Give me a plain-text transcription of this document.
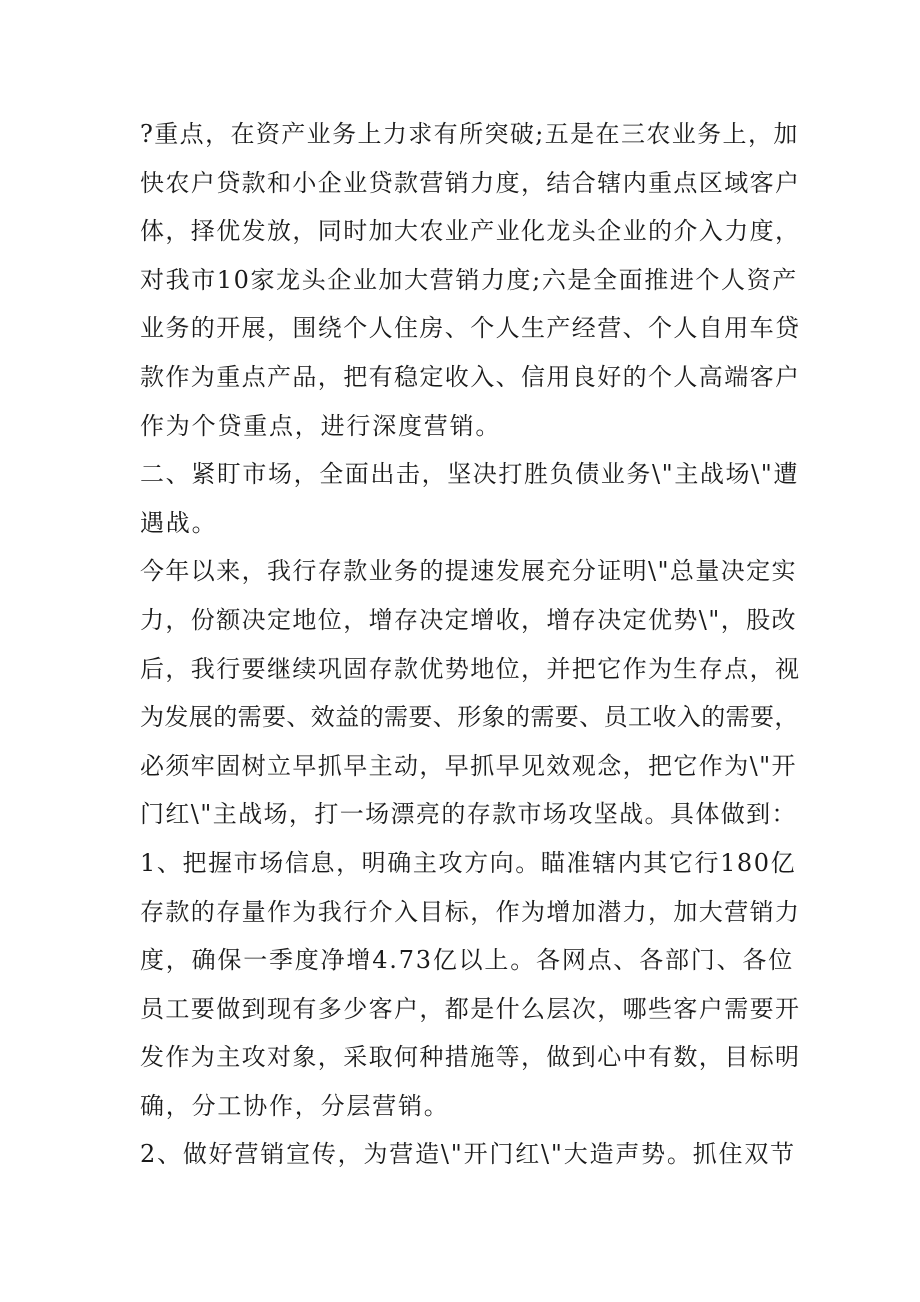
?重点，在资产业务上力求有所突破;五是在三农业务上，加
快农户贷款和小企业贷款营销力度，结合辖内重点区域客户
体，择优发放，同时加大农业产业化龙头企业的介入力度，
对我市10家龙头企业加大营销力度;六是全面推进个人资产
业务的开展，围绕个人住房、个人生产经营、个人自用车贷
款作为重点产品，把有稳定收入、信用良好的个人高端客户
作为个贷重点，进行深度营销。
二、紧盯市场，全面出击，坚决打胜负债业务\"主战场\"遭
遇战。
今年以来，我行存款业务的提速发展充分证明\"总量决定实
力，份额决定地位，增存决定增收，增存决定优势\"，股改
后，我行要继续巩固存款优势地位，并把它作为生存点，视
为发展的需要、效益的需要、形象的需要、员工收入的需要，
必须牢固树立早抓早主动，早抓早见效观念，把它作为\"开
门红\"主战场，打一场漂亮的存款市场攻坚战。具体做到：
1、把握市场信息，明确主攻方向。瞄准辖内其它行180亿
存款的存量作为我行介入目标，作为增加潜力，加大营销力
度，确保一季度净增4.73亿以上。各网点、各部门、各位
员工要做到现有多少客户，都是什么层次，哪些客户需要开
发作为主攻对象，采取何种措施等，做到心中有数，目标明
确，分工协作，分层营销。
2、做好营销宣传，为营造\"开门红\"大造声势。抓住双节
